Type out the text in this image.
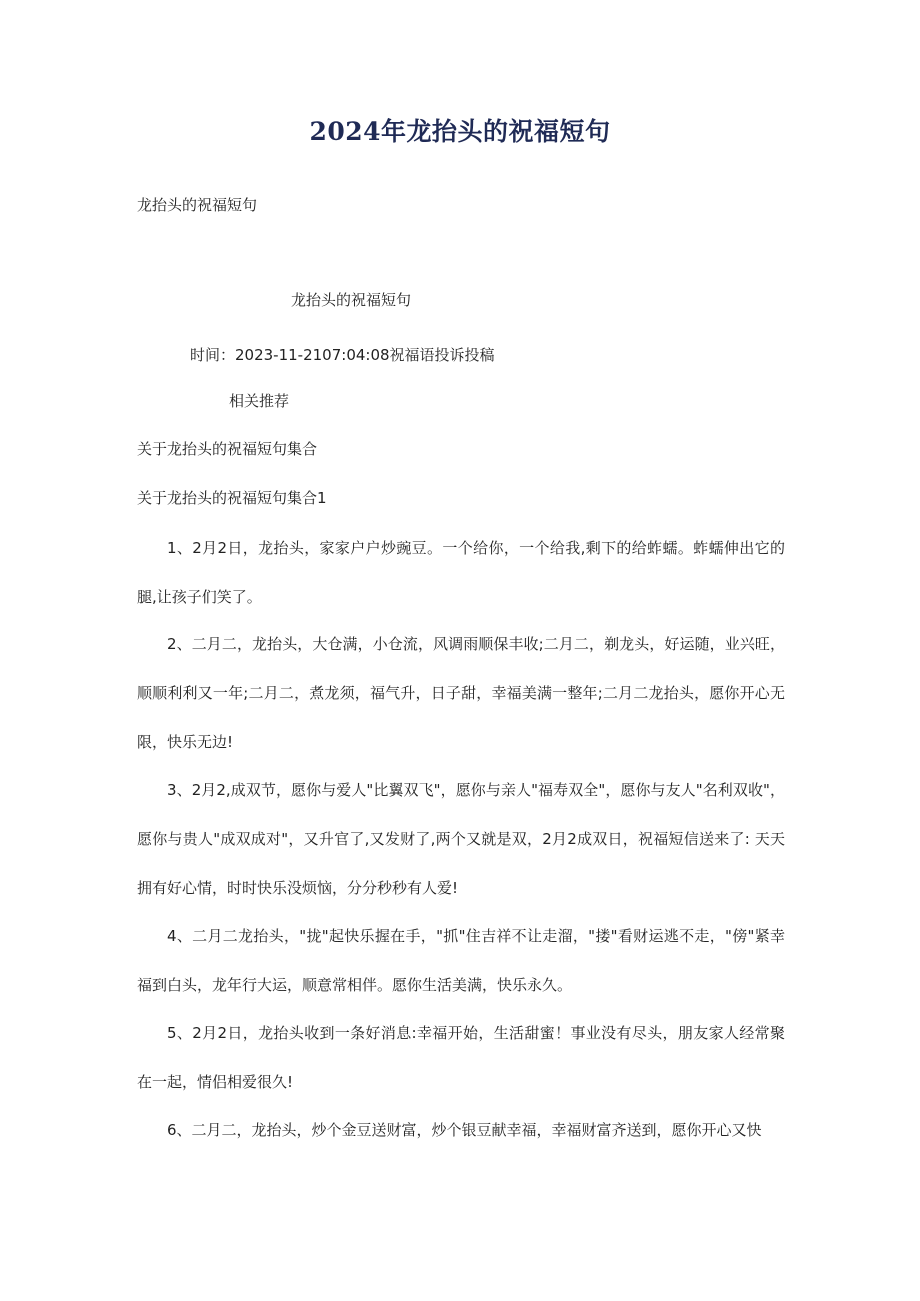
2024年龙抬头的祝福短句
龙抬头的祝福短句
龙抬头的祝福短句
时间：2023-11-2107:04:08祝福语投诉投稿
相关推荐
关于龙抬头的祝福短句集合
关于龙抬头的祝福短句集合1

1、2月2日，龙抬头，家家户户炒豌豆。一个给你，一个给我,剩下的给蚱蠕。蚱蠕伸出它的腿,让孩子们笑了。

2、二月二，龙抬头，大仓满，小仓流，风调雨顺保丰收;二月二，剃龙头，好运随，业兴旺，顺顺利利又一年;二月二，煮龙须，福气升，日子甜，幸福美满一整年;二月二龙抬头，愿你开心无限，快乐无边!

3、2月2,成双节，愿你与爱人"比翼双飞"，愿你与亲人"福寿双全"，愿你与友人"名利双收"，愿你与贵人"成双成对"，又升官了,又发财了,两个又就是双，2月2成双日，祝福短信送来了: 天天拥有好心情，时时快乐没烦恼，分分秒秒有人爱!

4、二月二龙抬头，"拢"起快乐握在手，"抓"住吉祥不让走溜，"搂"看财运逃不走，"傍"紧幸福到白头，龙年行大运，顺意常相伴。愿你生活美满，快乐永久。

5、2月2日，龙抬头收到一条好消息:幸福开始，生活甜蜜！事业没有尽头，朋友家人经常聚在一起，情侣相爱很久!

6、二月二，龙抬头，炒个金豆送财富，炒个银豆献幸福，幸福财富齐送到，愿你开心又快
